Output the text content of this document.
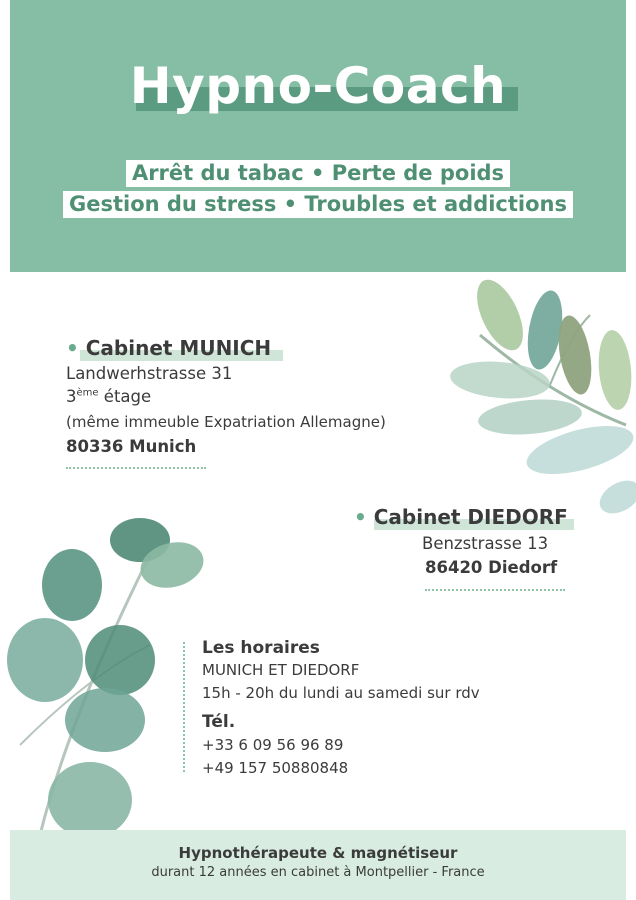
Hypno-Coach
Arrêt du tabac • Perte de poids
Gestion du stress • Troubles et addictions
• Cabinet MUNICH
Landwerhstrasse 31
3ème étage
(même immeuble Expatriation Allemagne)
80336 Munich
• Cabinet DIEDORF
Benzstrasse 13
86420 Diedorf
Les horaires
MUNICH ET DIEDORF
15h - 20h du lundi au samedi sur rdv
Tél.
+33 6 09 56 96 89
+49 157 50880848
Hypnothérapeute & magnétiseur
durant 12 années en cabinet à Montpellier - France
